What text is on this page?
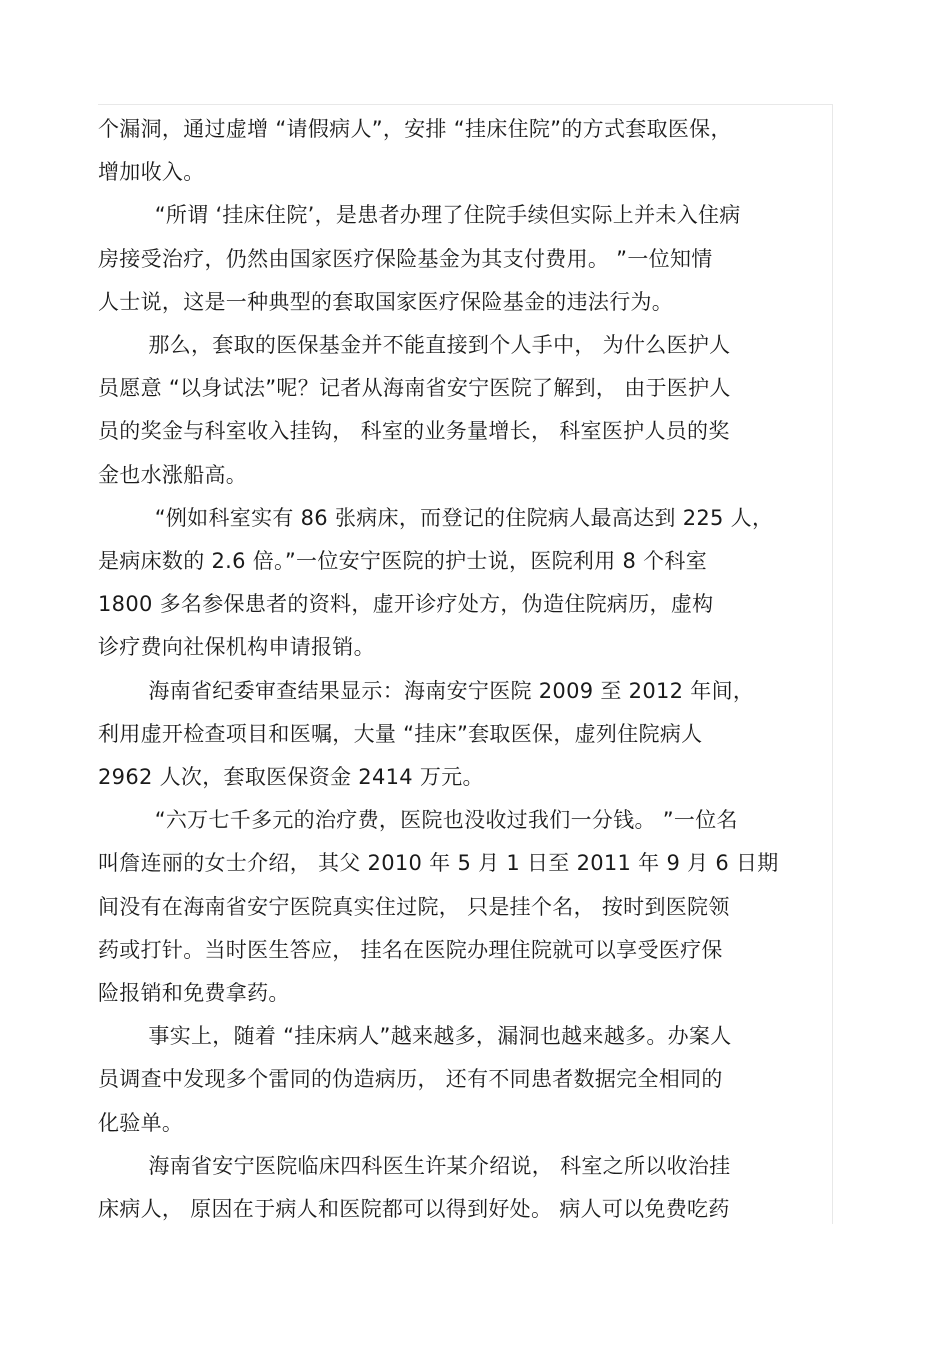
个漏洞，通过虚增 “请假病人”，安排 “挂床住院”的方式套取医保，

增加收入。

“所谓 ‘挂床住院’，是患者办理了住院手续但实际上并未入住病

房接受治疗，仍然由国家医疗保险基金为其支付费用。 ”一位知情

人士说，这是一种典型的套取国家医疗保险基金的违法行为。

那么，套取的医保基金并不能直接到个人手中， 为什么医护人

员愿意 “以身试法”呢？记者从海南省安宁医院了解到， 由于医护人

员的奖金与科室收入挂钩， 科室的业务量增长， 科室医护人员的奖

金也水涨船高。

“例如科室实有 86 张病床，而登记的住院病人最高达到 225 人，

是病床数的 2.6 倍。”一位安宁医院的护士说，医院利用 8 个科室

1800 多名参保患者的资料，虚开诊疗处方，伪造住院病历，虚构

诊疗费向社保机构申请报销。

海南省纪委审查结果显示：海南安宁医院 2009 至 2012 年间，

利用虚开检查项目和医嘱，大量 “挂床”套取医保，虚列住院病人

2962 人次，套取医保资金 2414 万元。

“六万七千多元的治疗费，医院也没收过我们一分钱。 ”一位名

叫詹连丽的女士介绍， 其父 2010 年 5 月 1 日至 2011 年 9 月 6 日期

间没有在海南省安宁医院真实住过院， 只是挂个名， 按时到医院领

药或打针。当时医生答应， 挂名在医院办理住院就可以享受医疗保

险报销和免费拿药。

事实上，随着 “挂床病人”越来越多，漏洞也越来越多。办案人

员调查中发现多个雷同的伪造病历， 还有不同患者数据完全相同的

化验单。

海南省安宁医院临床四科医生许某介绍说， 科室之所以收治挂

床病人， 原因在于病人和医院都可以得到好处。 病人可以免费吃药
